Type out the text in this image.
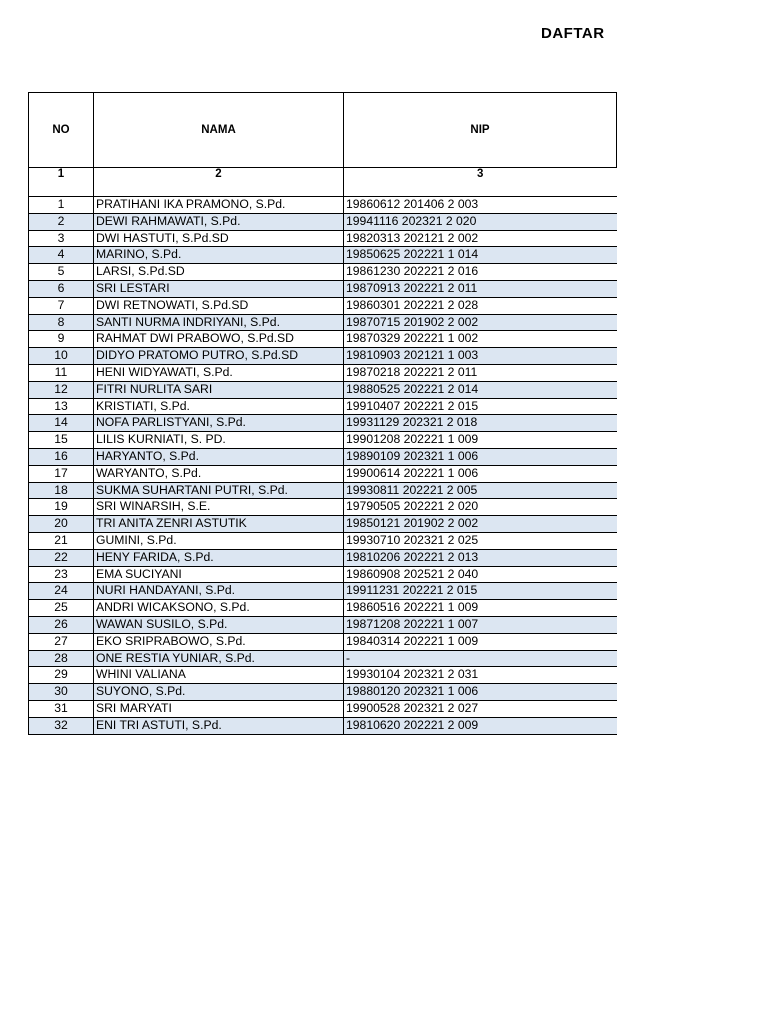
DAFTAR
NO	NAMA	NIP
1	2	3

1	PRATIHANI IKA PRAMONO, S.Pd.	19860612 201406 2 003
2	DEWI RAHMAWATI, S.Pd.	19941116 202321 2 020
3	DWI HASTUTI, S.Pd.SD	19820313 202121 2 002
4	MARINO, S.Pd.	19850625 202221 1 014
5	LARSI, S.Pd.SD	19861230 202221 2 016
6	SRI LESTARI	19870913 202221 2 011
7	DWI RETNOWATI, S.Pd.SD	19860301 202221 2 028
8	SANTI NURMA INDRIYANI, S.Pd.	19870715 201902 2 002
9	RAHMAT DWI PRABOWO, S.Pd.SD	19870329 202221 1 002
10	DIDYO PRATOMO PUTRO, S.Pd.SD	19810903 202121 1 003
11	HENI WIDYAWATI, S.Pd.	19870218 202221 2 011
12	FITRI NURLITA SARI	19880525 202221 2 014
13	KRISTIATI, S.Pd.	19910407 202221 2 015
14	NOFA PARLISTYANI, S.Pd.	19931129 202321 2 018
15	LILIS KURNIATI, S. PD.	19901208 202221 1 009
16	HARYANTO, S.Pd.	19890109 202321 1 006
17	WARYANTO, S.Pd.	19900614 202221 1 006
18	SUKMA SUHARTANI PUTRI, S.Pd.	19930811 202221 2 005
19	SRI WINARSIH, S.E.	19790505 202221 2 020
20	TRI ANITA ZENRI ASTUTIK	19850121 201902 2 002
21	GUMINI, S.Pd.	19930710 202321 2 025
22	HENY FARIDA, S.Pd.	19810206 202221 2 013
23	EMA SUCIYANI	19860908 202521 2 040
24	NURI HANDAYANI, S.Pd.	19911231 202221 2 015
25	ANDRI WICAKSONO, S.Pd.	19860516 202221 1 009
26	WAWAN SUSILO, S.Pd.	19871208 202221 1 007
27	EKO SRIPRABOWO, S.Pd.	19840314 202221 1 009
28	ONE RESTIA YUNIAR, S.Pd.	-
29	WHINI VALIANA	19930104 202321 2 031
30	SUYONO, S.Pd.	19880120 202321 1 006
31	SRI MARYATI	19900528 202321 2 027
32	ENI TRI ASTUTI, S.Pd.	19810620 202221 2 009
